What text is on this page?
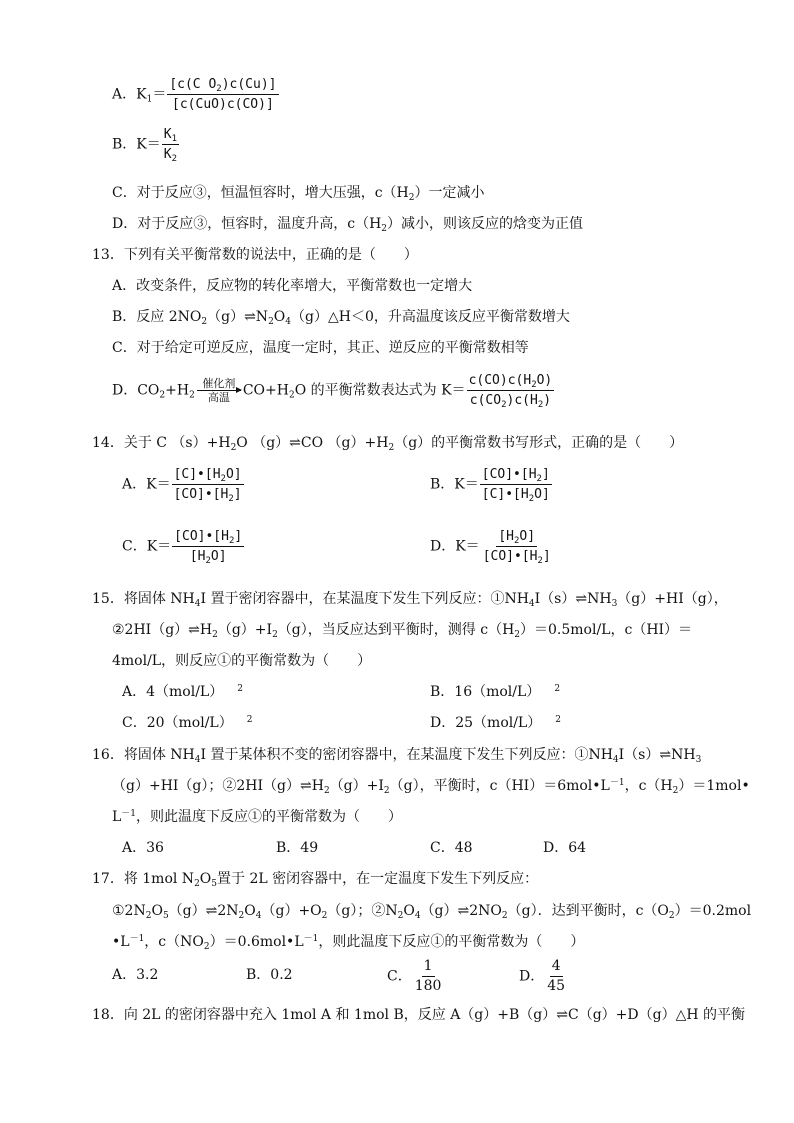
A．$K_1= \frac{[c(C O_2)c(Cu)]}{\text{[c(CuO)c(CO)]}}$
B．$K= \frac{K_1}{K_2}$
C．对于反应③，恒温恒容时，增大压强，$c(H_2)$一定减小
D．对于反应③，恒容时，温度升高，$c(H_2)$减小，则该反应的焓变为正值
13．下列有关平衡常数的说法中，正确的是（　　）
A．改变条件，反应物的转化率增大，平衡常数也一定增大
B．反应 $2NO_2(g)\rightleftharpoons N_2O_4(g)\triangle H<0$，升高温度该反应平衡常数增大
C．对于给定可逆反应，温度一定时，其正、逆反应的平衡常数相等
D．$CO_2+H_2$
催化剂
高温 $CO+H_2O$ 的平衡常数表达式为 $K= \frac{c(CO)c(H_2O)}{c(CO_2)c(H_2)}$
14．关于 C $(s)+H_2O$ （g）⇌CO $(g)+H_2(g)$的平衡常数书写形式，正确的是（　　）
A．$K= \frac{[C]•[H_2O]}{[CO]•[H_2]}$	B．$K= \frac{[CO]•[H_2]}{[C]•[H_2O]}$
C．$K= \frac{[CO]•[H_2]}{[H_2O]}$	D．$K= \frac{[H_2O]}{[CO]•[H_2]}$
15．将固体 $NH_4I$ 置于密闭容器中，在某温度下发生下列反应：$①NH_4I(s)\rightleftharpoons NH_3(g)+HI(g)$，
$②2HI(g)\rightleftharpoons H_2(g)+I_2(g)$，当反应达到平衡时，测得 $c(H_2)=0.5mol/L$，c（HI）＝
4mol/L，则反应①的平衡常数为（　　）
A．4（mol/L） $^2$	B．16（mol/L） $^2$
C．20（mol/L） $^2$	D．25（mol/L） $^2$
16．将固体 $NH_4I$ 置于某体积不变的密闭容器中，在某温度下发生下列反应：$①NH_4I(s)\rightleftharpoons NH_3$
（g）+HI（g）；$②2HI(g)\rightleftharpoons H_2(g)+I_2(g)$，平衡时，$c(HI)=6mol•L^{-1}$，$c(H_2)=1mol•$
$L^{-1}$，则此温度下反应①的平衡常数为（　　）
A．36	B．49	C．48	D．64
17．将 1mol $N_2O_5$置于 2L 密闭容器中，在一定温度下发生下列反应：
$①2N_2O_5(g)\rightleftharpoons 2N_2O_4(g)+O_2(g)$；$②N_2O_4(g)\rightleftharpoons 2NO_2(g)$．达到平衡时，$c(O_2)=0.2mol$
$•L^{-1}$，$c(NO_2)=0.6mol•L^{-1}$，则此温度下反应①的平衡常数为（　　）
A．3.2	B．0.2	C． $\frac{1}{180}$	D． $\frac{4}{45}$
18．向 2L 的密闭容器中充入 1mol A 和 1mol B，反应 A（g）+B（g）⇌C（g）+D（g）△H 的平衡
